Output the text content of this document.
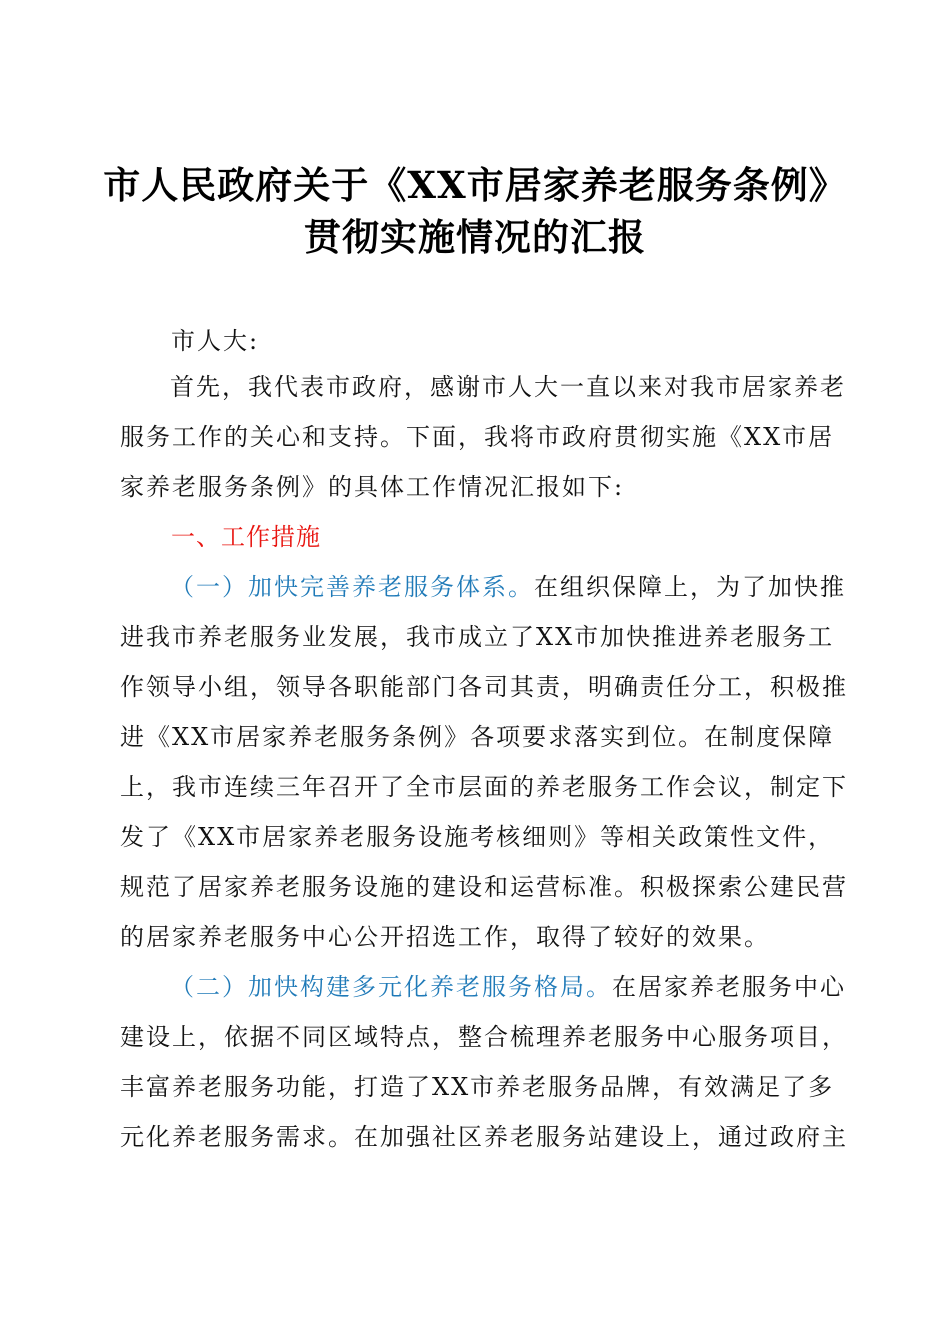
市人民政府关于《XX市居家养老服务条例》
贯彻实施情况的汇报
市人大:
首先，我代表市政府，感谢市人大一直以来对我市居家养老
服务工作的关心和支持。下面，我将市政府贯彻实施《XX市居
家养老服务条例》的具体工作情况汇报如下:
一、工作措施
（一）加快完善养老服务体系。在组织保障上，为了加快推
进我市养老服务业发展，我市成立了XX市加快推进养老服务工
作领导小组，领导各职能部门各司其责，明确责任分工，积极推
进《XX市居家养老服务条例》各项要求落实到位。在制度保障
上，我市连续三年召开了全市层面的养老服务工作会议，制定下
发了《XX市居家养老服务设施考核细则》等相关政策性文件，
规范了居家养老服务设施的建设和运营标准。积极探索公建民营
的居家养老服务中心公开招选工作，取得了较好的效果。
（二）加快构建多元化养老服务格局。在居家养老服务中心
建设上，依据不同区域特点，整合梳理养老服务中心服务项目，
丰富养老服务功能，打造了XX市养老服务品牌，有效满足了多
元化养老服务需求。在加强社区养老服务站建设上，通过政府主
